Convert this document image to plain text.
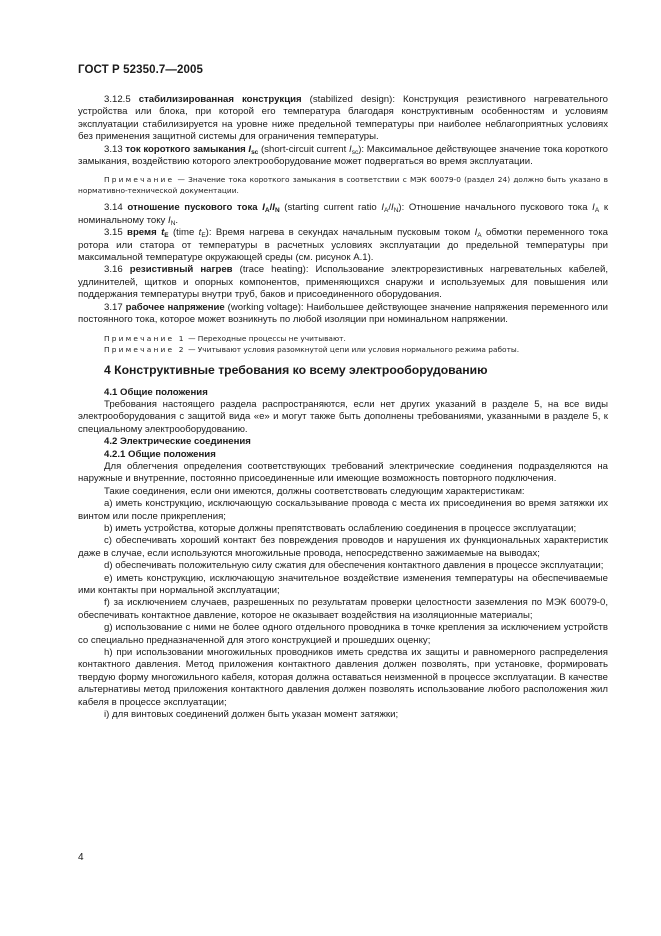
ГОСТ Р 52350.7—2005

3.12.5 стабилизированная конструкция (stabilized design): Конструкция резистивного нагревательного устройства или блока, при которой его температура благодаря конструктивным особенностям и условиям эксплуатации стабилизируется на уровне ниже предельной температуры при наиболее неблагоприятных условиях без применения защитной системы для ограничения температуры.

3.13 ток короткого замыкания $I_{sc}$ (short-circuit current $I_{sc}$): Максимальное действующее значение тока короткого замыкания, воздействию которого электрооборудование может подвергаться во время эксплуатации.

Примечание — Значение тока короткого замыкания в соответствии с МЭК 60079-0 (раздел 24) должно быть указано в нормативно-технической документации.

3.14 отношение пускового тока $I_A/I_N$ (starting current ratio $I_A/I_N$): Отношение начального пускового тока $I_A$ к номинальному току $I_N$.

3.15 время $t_E$ (time $t_E$): Время нагрева в секундах начальным пусковым током $I_A$ обмотки переменного тока ротора или статора от температуры в расчетных условиях эксплуатации до предельной температуры при максимальной температуре окружающей среды (см. рисунок А.1).

3.16 резистивный нагрев (trace heating): Использование электрорезистивных нагревательных кабелей, удлинителей, щитков и опорных компонентов, применяющихся снаружи и используемых для повышения или поддержания температуры внутри труб, баков и присоединенного оборудования.

3.17 рабочее напряжение (working voltage): Наибольшее действующее значение напряжения переменного или постоянного тока, которое может возникнуть по любой изоляции при номинальном напряжении.

Примечание 1 — Переходные процессы не учитывают.

Примечание 2 — Учитывают условия разомкнутой цепи или условия нормального режима работы.

4 Конструктивные требования ко всему электрооборудованию

4.1 Общие положения

Требования настоящего раздела распространяются, если нет других указаний в разделе 5, на все виды электрооборудования с защитой вида «е» и могут также быть дополнены требованиями, указанными в разделе 5, к специальному электрооборудованию.

4.2 Электрические соединения

4.2.1 Общие положения

Для облегчения определения соответствующих требований электрические соединения подразделяются на наружные и внутренние, постоянно присоединенные или имеющие возможность повторного подключения.

Такие соединения, если они имеются, должны соответствовать следующим характеристикам:

a) иметь конструкцию, исключающую соскальзывание провода с места их присоединения во время затяжки их винтом или после прикрепления;

b) иметь устройства, которые должны препятствовать ослаблению соединения в процессе эксплуатации;

c) обеспечивать хороший контакт без повреждения проводов и нарушения их функциональных характеристик даже в случае, если используются многожильные провода, непосредственно зажимаемые на выводах;

d) обеспечивать положительную силу сжатия для обеспечения контактного давления в процессе эксплуатации;

e) иметь конструкцию, исключающую значительное воздействие изменения температуры на обеспечиваемые ими контакты при нормальной эксплуатации;

f) за исключением случаев, разрешенных по результатам проверки целостности заземления по МЭК 60079-0, обеспечивать контактное давление, которое не оказывает воздействия на изоляционные материалы;

g) использование с ними не более одного отдельного проводника в точке крепления за исключением устройств со специально предназначенной для этого конструкцией и прошедших оценку;

h) при использовании многожильных проводников иметь средства их защиты и равномерного распределения контактного давления. Метод приложения контактного давления должен позволять, при установке, формировать твердую форму многожильного кабеля, которая должна оставаться неизменной в процессе эксплуатации. В качестве альтернативы метод приложения контактного давления должен позволять использование любого расположения жил кабеля в процессе эксплуатации;

i) для винтовых соединений должен быть указан момент затяжки;

4
